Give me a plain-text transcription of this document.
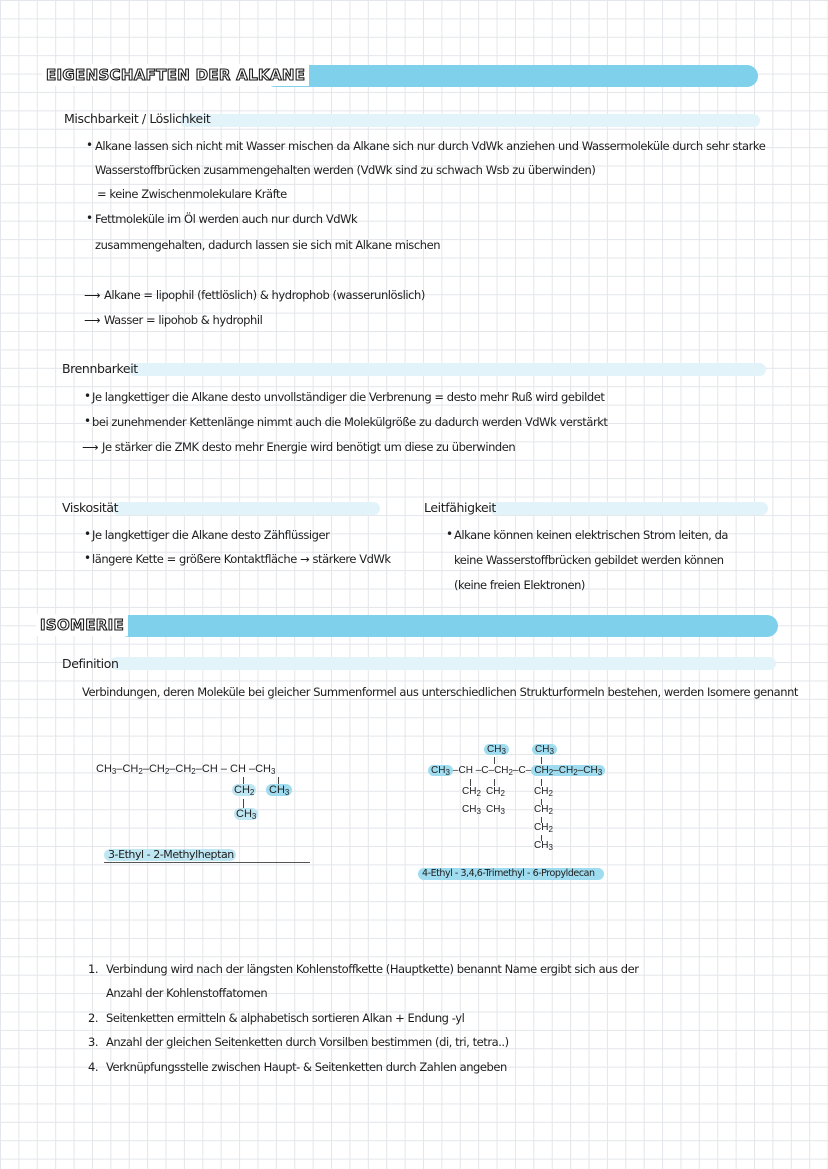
EIGENSCHAFTEN DER ALKANE
Mischbarkeit / Löslichkeit
• Alkane lassen sich nicht mit Wasser mischen da Alkane sich nur durch VdWk anziehen und Wassermoleküle durch sehr starke
Wasserstoffbrücken zusammengehalten werden (VdWk sind zu schwach Wsb zu überwinden)
= keine Zwischenmolekulare Kräfte
• Fettmoleküle im Öl werden auch nur durch VdWk
zusammengehalten, dadurch lassen sie sich mit Alkane mischen
⟶ Alkane = lipophil (fettlöslich) & hydrophob (wasserunlöslich)
⟶ Wasser = lipohob & hydrophil
Brennbarkeit
• Je langkettiger die Alkane desto unvollständiger die Verbrenung = desto mehr Ruß wird gebildet
• bei zunehmender Kettenlänge nimmt auch die Molekülgröße zu dadurch werden VdWk verstärkt
⟶ Je stärker die ZMK desto mehr Energie wird benötigt um diese zu überwinden
Viskosität
• Je langkettiger die Alkane desto Zähflüssiger
• längere Kette = größere Kontaktfläche → stärkere VdWk
Leitfähigkeit
• Alkane können keinen elektrischen Strom leiten, da
keine Wasserstoffbrücken gebildet werden können
(keine freien Elektronen)
ISOMERIE
Definition
Verbindungen, deren Moleküle bei gleicher Summenformel aus unterschiedlichen Strukturformeln bestehen, werden Isomere genannt
CH3–CH2–CH2–CH2–CH – CH –CH3
CH2 CH3
CH3
3-Ethyl - 2-Methylheptan
$CH_3$	$CH_3$
$CH_3$ –CH $-C-CH_2-C-$ $CH_2-CH_2-CH_3$
$CH_2$ $CH_2$	$CH_2$
$CH_3$ $CH_3$	$CH_2$
$CH_2$
$CH_3$
4-Ethyl - 3,4,6-Trimethyl - 6-Propyldecan
1. Verbindung wird nach der längsten Kohlenstoffkette (Hauptkette) benannt Name ergibt sich aus der
Anzahl der Kohlenstoffatomen
2. Seitenketten ermitteln & alphabetisch sortieren Alkan + Endung -yl
3. Anzahl der gleichen Seitenketten durch Vorsilben bestimmen (di, tri, tetra..)
4. Verknüpfungsstelle zwischen Haupt- & Seitenketten durch Zahlen angeben
